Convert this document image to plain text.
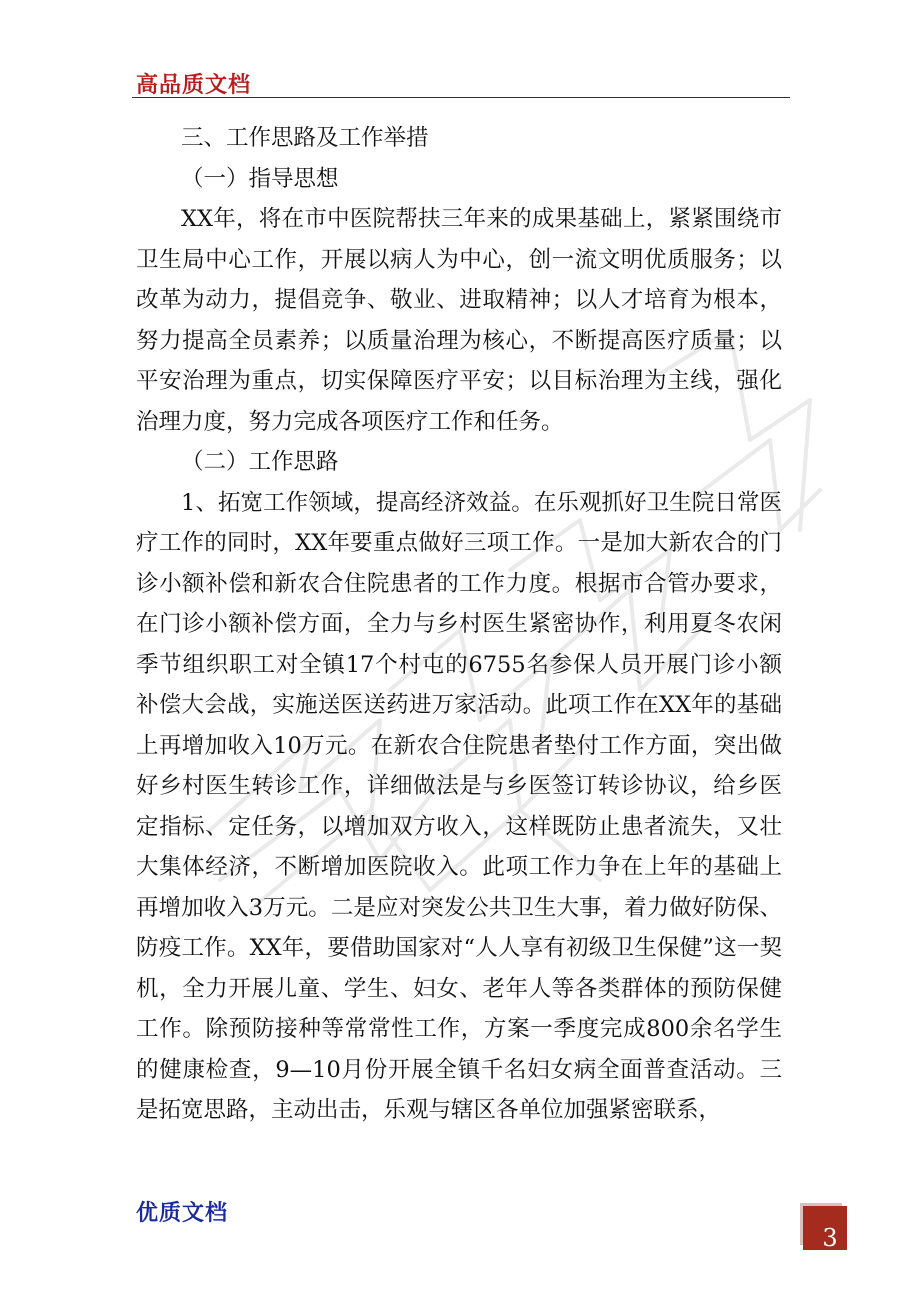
高品质文档

三、工作思路及工作举措

（一）指导思想

XX年，将在市中医院帮扶三年来的成果基础上，紧紧围绕市卫生局中心工作，开展以病人为中心，创一流文明优质服务；以改革为动力，提倡竞争、敬业、进取精神；以人才培育为根本，努力提高全员素养；以质量治理为核心，不断提高医疗质量；以平安治理为重点，切实保障医疗平安；以目标治理为主线，强化治理力度，努力完成各项医疗工作和任务。

（二）工作思路

1、拓宽工作领域，提高经济效益。在乐观抓好卫生院日常医疗工作的同时，XX年要重点做好三项工作。一是加大新农合的门诊小额补偿和新农合住院患者的工作力度。根据市合管办要求，在门诊小额补偿方面，全力与乡村医生紧密协作，利用夏冬农闲季节组织职工对全镇17个村屯的6755名参保人员开展门诊小额补偿大会战，实施送医送药进万家活动。此项工作在XX年的基础上再增加收入10万元。在新农合住院患者垫付工作方面，突出做好乡村医生转诊工作，详细做法是与乡医签订转诊协议，给乡医定指标、定任务，以增加双方收入，这样既防止患者流失，又壮大集体经济，不断增加医院收入。此项工作力争在上年的基础上再增加收入3万元。二是应对突发公共卫生大事，着力做好防保、防疫工作。XX年，要借助国家对“人人享有初级卫生保健”这一契机，全力开展儿童、学生、妇女、老年人等各类群体的预防保健工作。除预防接种等常常性工作，方案一季度完成800余名学生的健康检查，9—10月份开展全镇千名妇女病全面普查活动。三是拓宽思路，主动出击，乐观与辖区各单位加强紧密联系，

优质文档
3
